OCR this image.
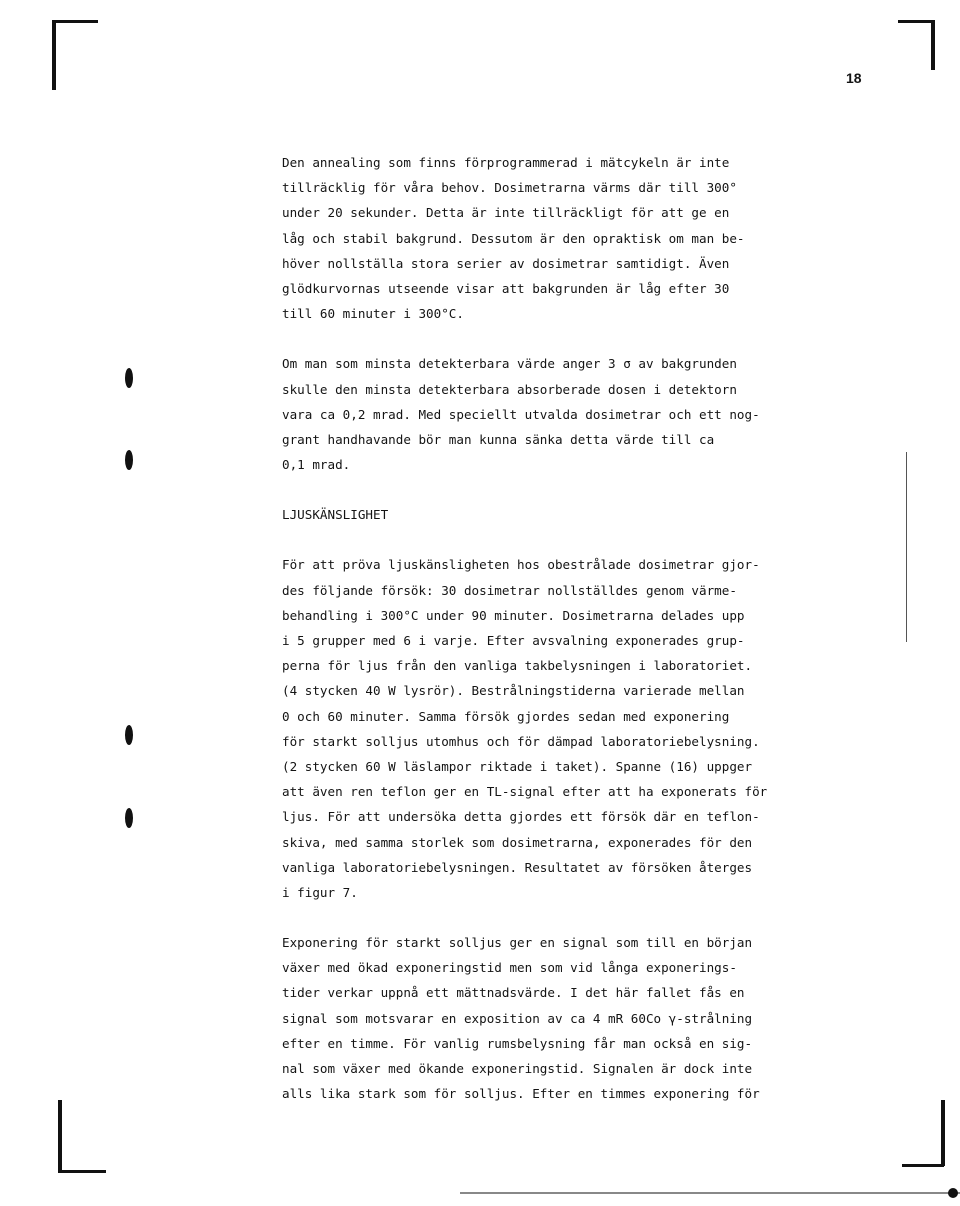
18
Den annealing som finns förprogrammerad i mätcykeln är inte
tillräcklig för våra behov. Dosimetrarna värms där till 300°
under 20 sekunder. Detta är inte tillräckligt för att ge en
låg och stabil bakgrund. Dessutom är den opraktisk om man be-
höver nollställa stora serier av dosimetrar samtidigt. Även
glödkurvornas utseende visar att bakgrunden är låg efter 30
till 60 minuter i 300°C.
Om man som minsta detekterbara värde anger 3 σ av bakgrunden
skulle den minsta detekterbara absorberade dosen i detektorn
vara ca 0,2 mrad. Med speciellt utvalda dosimetrar och ett nog-
grant handhavande bör man kunna sänka detta värde till ca
0,1 mrad.
LJUSKÄNSLIGHET
För att pröva ljuskänsligheten hos obestrålade dosimetrar gjor-
des följande försök: 30 dosimetrar nollställdes genom värme-
behandling i 300°C under 90 minuter. Dosimetrarna delades upp
i 5 grupper med 6 i varje. Efter avsvalning exponerades grup-
perna för ljus från den vanliga takbelysningen i laboratoriet.
(4 stycken 40 W lysrör). Bestrålningstiderna varierade mellan
0 och 60 minuter. Samma försök gjordes sedan med exponering
för starkt solljus utomhus och för dämpad laboratoriebelysning.
(2 stycken 60 W läslampor riktade i taket). Spanne (16) uppger
att även ren teflon ger en TL-signal efter att ha exponerats för
ljus. För att undersöka detta gjordes ett försök där en teflon-
skiva, med samma storlek som dosimetrarna, exponerades för den
vanliga laboratoriebelysningen. Resultatet av försöken återges
i figur 7.
Exponering för starkt solljus ger en signal som till en början
växer med ökad exponeringstid men som vid långa exponerings-
tider verkar uppnå ett mättnadsvärde. I det här fallet fås en
signal som motsvarar en exposition av ca 4 mR 60Co γ-strålning
efter en timme. För vanlig rumsbelysning får man också en sig-
nal som växer med ökande exponeringstid. Signalen är dock inte
alls lika stark som för solljus. Efter en timmes exponering för
